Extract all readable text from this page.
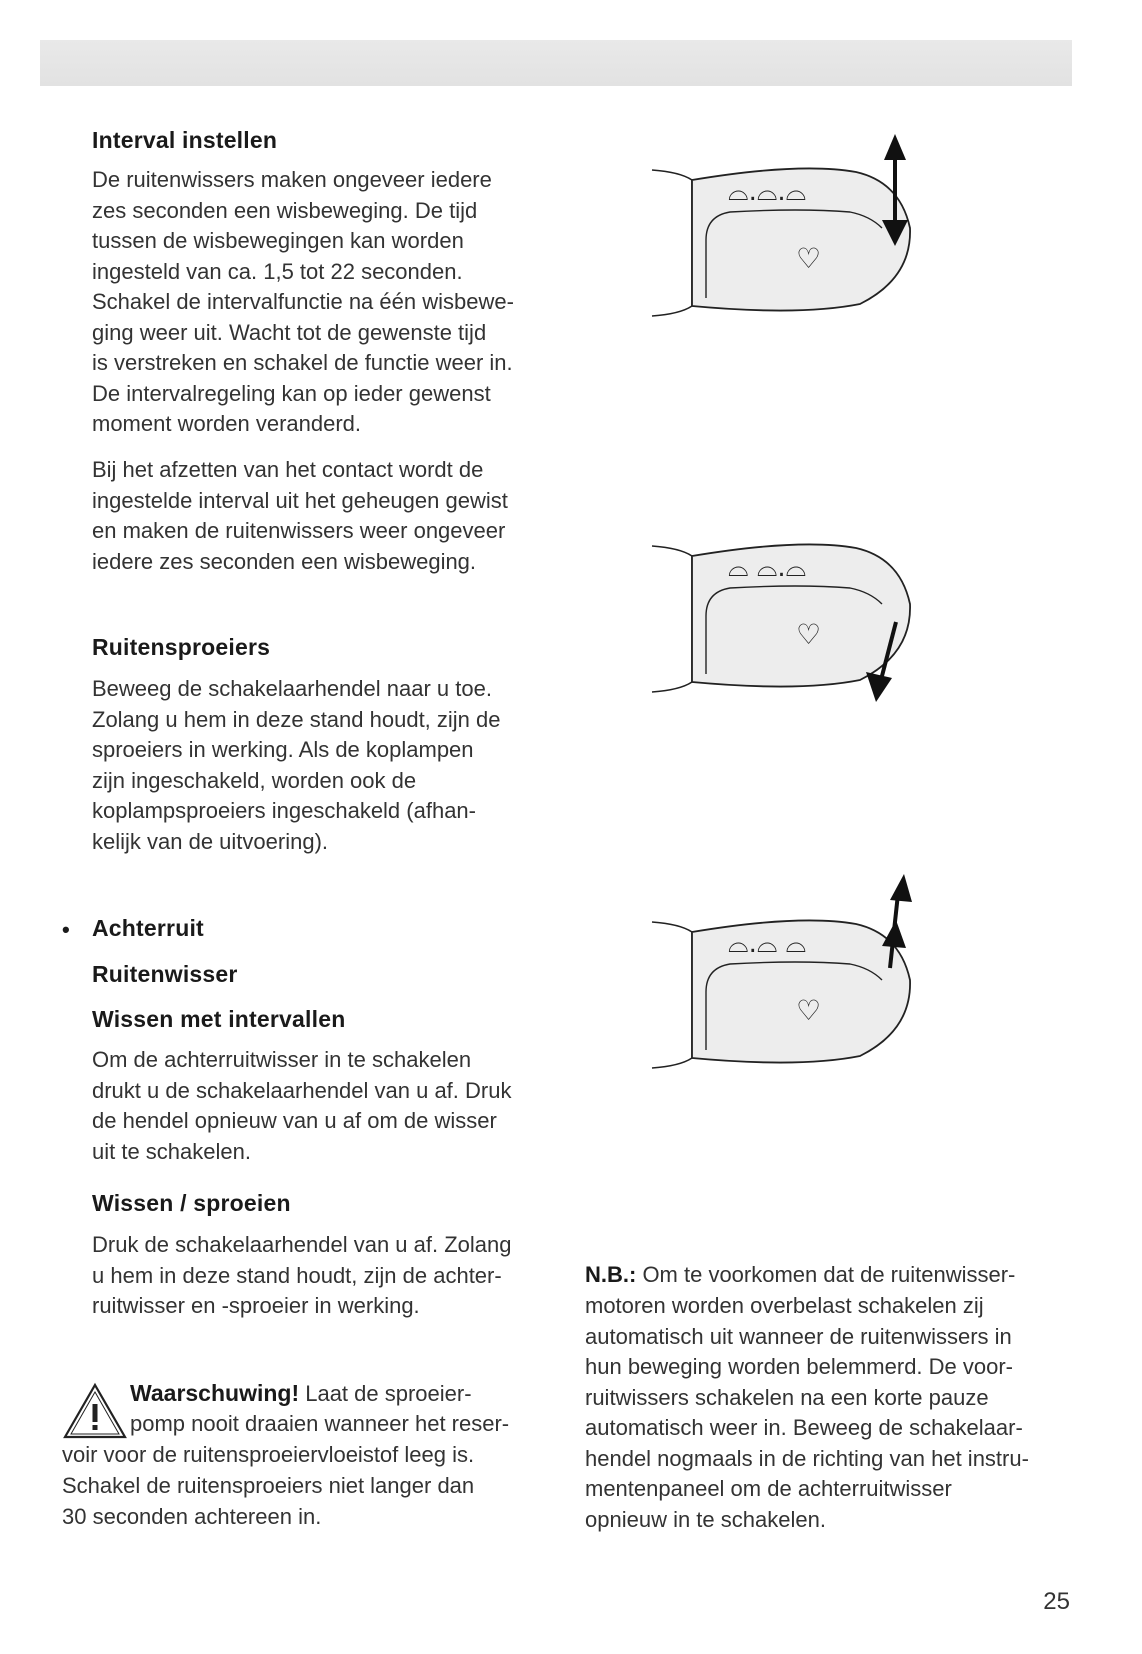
Interval instellen

De ruitenwissers maken ongeveer iedere
zes seconden een wisbeweging. De tijd
tussen de wisbewegingen kan worden
ingesteld van ca. 1,5 tot 22 seconden.
Schakel de intervalfunctie na één wisbewe-
ging weer uit. Wacht tot de gewenste tijd
is verstreken en schakel de functie weer in.
De intervalregeling kan op ieder gewenst
moment worden veranderd.

Bij het afzetten van het contact wordt de
ingestelde interval uit het geheugen gewist
en maken de ruitenwissers weer ongeveer
iedere zes seconden een wisbeweging.

Ruitensproeiers

Beweeg de schakelaarhendel naar u toe.
Zolang u hem in deze stand houdt, zijn de
sproeiers in werking. Als de koplampen
zijn ingeschakeld, worden ook de
koplampsproeiers ingeschakeld (afhan-
kelijk van de uitvoering).

• Achterruit
Ruitenwisser
Wissen met intervallen

Om de achterruitwisser in te schakelen
drukt u de schakelaarhendel van u af. Druk
de hendel opnieuw van u af om de wisser
uit te schakelen.

Wissen / sproeien

Druk de schakelaarhendel van u af. Zolang
u hem in deze stand houdt, zijn de achter-
ruitwisser en -sproeier in werking.

Waarschuwing! Laat de sproeier-
pomp nooit draaien wanneer het reser-
voir voor de ruitensproeiervloeistof leeg is.
Schakel de ruitensproeiers niet langer dan
30 seconden achtereen in.
N.B.: Om te voorkomen dat de ruitenwisser-

motoren worden overbelast schakelen zij
automatisch uit wanneer de ruitenwissers in
hun beweging worden belemmerd. De voor-
ruitwissers schakelen na een korte pauze
automatisch weer in. Beweeg de schakelaar-
hendel nogmaals in de richting van het instru-
mentenpaneel om de achterruitwisser
opnieuw in te schakelen.

⌓.⌓.⌓
♡
⌓ ⌓.⌓
♡
⌓.⌓ ⌓
♡
25
